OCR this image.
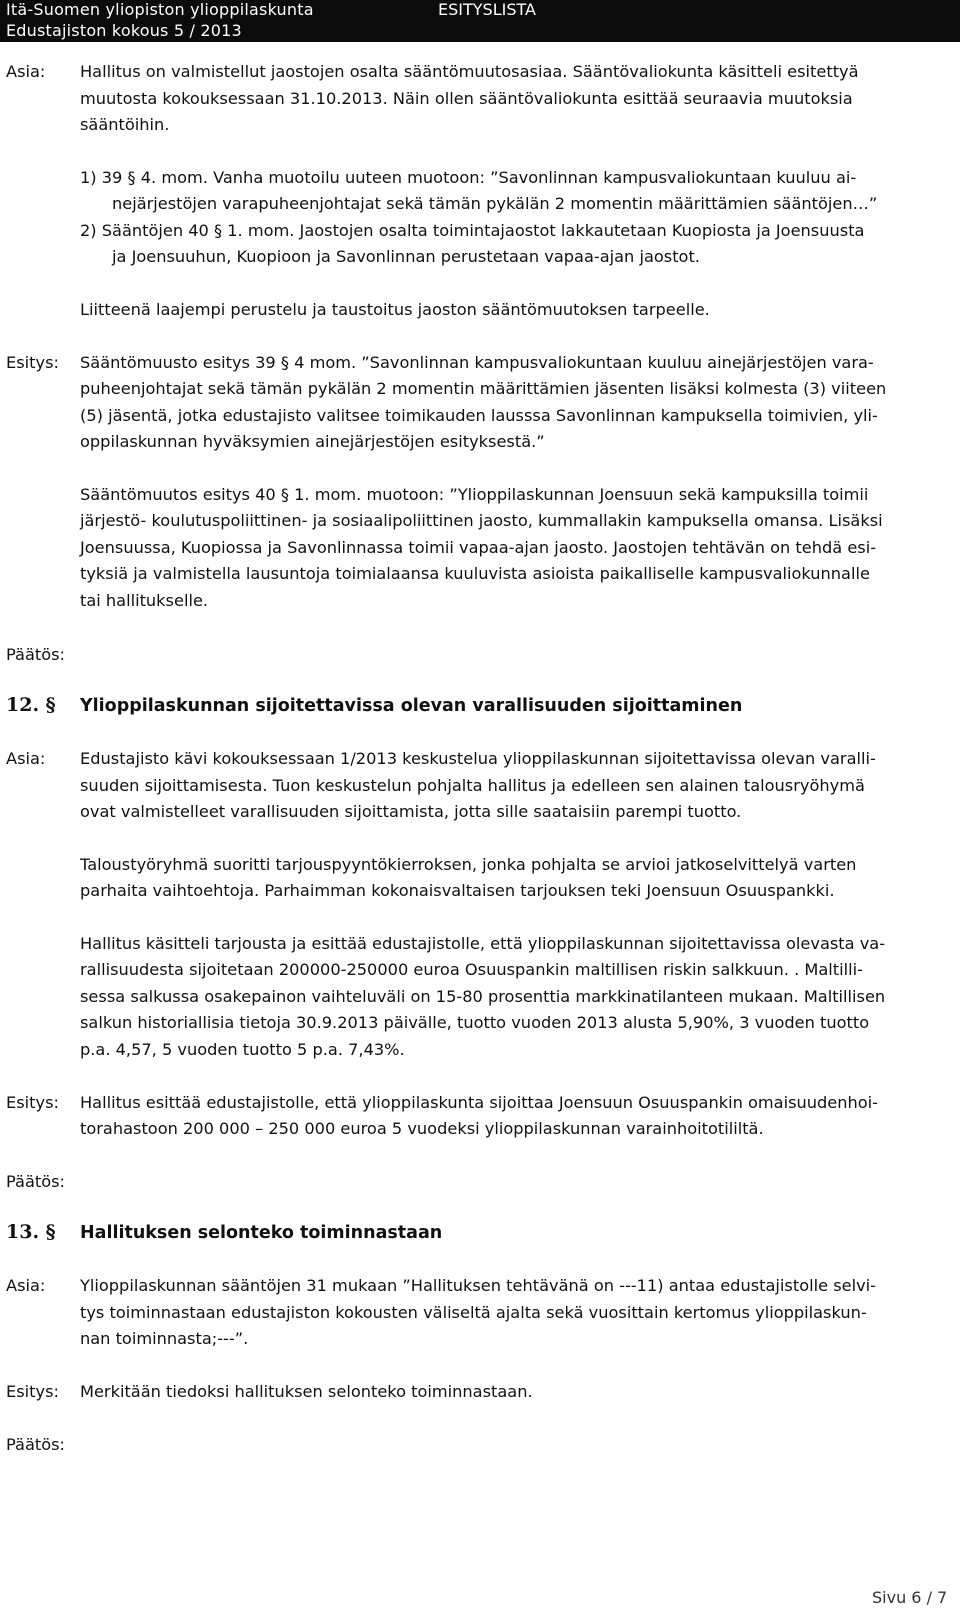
Itä-Suomen yliopiston ylioppilaskunta
Edustajiston kokous 5 / 2013
ESITYSLISTA
Asia: Hallitus on valmistellut jaostojen osalta sääntömuutosasiaa. Sääntövaliokunta käsitteli esitettyä
muutosta kokouksessaan 31.10.2013. Näin ollen sääntövaliokunta esittää seuraavia muutoksia
sääntöihin.
1) 39 § 4. mom. Vanha muotoilu uuteen muotoon: ”Savonlinnan kampusvaliokuntaan kuuluu ai-
nejärjestöjen varapuheenjohtajat sekä tämän pykälän 2 momentin määrittämien sääntöjen…”
2) Sääntöjen 40 § 1. mom. Jaostojen osalta toimintajaostot lakkautetaan Kuopiosta ja Joensuusta
ja Joensuuhun, Kuopioon ja Savonlinnan perustetaan vapaa-ajan jaostot.
Liitteenä laajempi perustelu ja taustoitus jaoston sääntömuutoksen tarpeelle.
Esitys: Sääntömuusto esitys 39 § 4 mom. ”Savonlinnan kampusvaliokuntaan kuuluu ainejärjestöjen vara-
puheenjohtajat sekä tämän pykälän 2 momentin määrittämien jäsenten lisäksi kolmesta (3) viiteen
(5) jäsentä, jotka edustajisto valitsee toimikauden lausssa Savonlinnan kampuksella toimivien, yli-
oppilaskunnan hyväksymien ainejärjestöjen esityksestä.”
Sääntömuutos esitys 40 § 1. mom. muotoon: ”Ylioppilaskunnan Joensuun sekä kampuksilla toimii
järjestö- koulutuspoliittinen- ja sosiaalipoliittinen jaosto, kummallakin kampuksella omansa. Lisäksi
Joensuussa, Kuopiossa ja Savonlinnassa toimii vapaa-ajan jaosto. Jaostojen tehtävän on tehdä esi-
tyksiä ja valmistella lausuntoja toimialaansa kuuluvista asioista paikalliselle kampusvaliokunnalle
tai hallitukselle.
Päätös:
12. § Ylioppilaskunnan sijoitettavissa olevan varallisuuden sijoittaminen
Asia: Edustajisto kävi kokouksessaan 1/2013 keskustelua ylioppilaskunnan sijoitettavissa olevan varalli-
suuden sijoittamisesta. Tuon keskustelun pohjalta hallitus ja edelleen sen alainen talousryöhymä
ovat valmistelleet varallisuuden sijoittamista, jotta sille saataisiin parempi tuotto.
Taloustyöryhmä suoritti tarjouspyyntökierroksen, jonka pohjalta se arvioi jatkoselvittelyä varten
parhaita vaihtoehtoja. Parhaimman kokonaisvaltaisen tarjouksen teki Joensuun Osuuspankki.
Hallitus käsitteli tarjousta ja esittää edustajistolle, että ylioppilaskunnan sijoitettavissa olevasta va-
rallisuudesta sijoitetaan 200000-250000 euroa Osuuspankin maltillisen riskin salkkuun. . Maltilli-
sessa salkussa osakepainon vaihteluväli on 15-80 prosenttia markkinatilanteen mukaan. Maltillisen
salkun historiallisia tietoja 30.9.2013 päivälle, tuotto vuoden 2013 alusta 5,90%, 3 vuoden tuotto
p.a. 4,57, 5 vuoden tuotto 5 p.a. 7,43%.
Esitys: Hallitus esittää edustajistolle, että ylioppilaskunta sijoittaa Joensuun Osuuspankin omaisuudenhoi-
torahastoon 200 000 – 250 000 euroa 5 vuodeksi ylioppilaskunnan varainhoitotililtä.
Päätös:
13. § Hallituksen selonteko toiminnastaan
Asia: Ylioppilaskunnan sääntöjen 31 mukaan ”Hallituksen tehtävänä on ---11) antaa edustajistolle selvi-
tys toiminnastaan edustajiston kokousten väliseltä ajalta sekä vuosittain kertomus ylioppilaskun-
nan toiminnasta;---”.
Esitys: Merkitään tiedoksi hallituksen selonteko toiminnastaan.
Päätös:
Sivu 6 / 7
